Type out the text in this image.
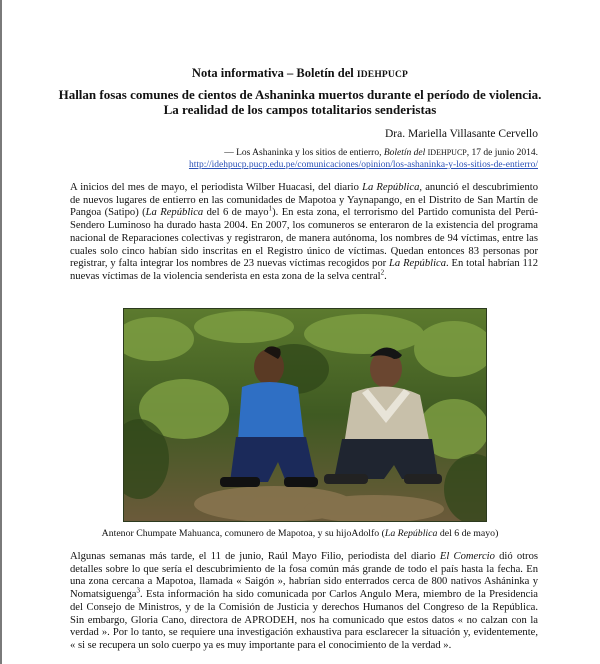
Nota informativa – Boletín del IDEHPUCP
Hallan fosas comunes de cientos de Ashaninka muertos durante el período de violencia.
La realidad de los campos totalitarios senderistas
Dra. Mariella Villasante Cervello
— Los Ashaninka y los sitios de entierro, Boletín del IDEHPUCP, 17 de junio 2014.
http://idehpucp.pucp.edu.pe/comunicaciones/opinion/los-ashaninka-y-los-sitios-de-entierro/
A inicios del mes de mayo, el periodista Wilber Huacasi, del diario La República, anunció el descubrimiento de nuevos lugares de entierro en las comunidades de Mapotoa y Yaynapango, en el Distrito de San Martín de Pangoa (Satipo) (La República del 6 de mayo$^1$). En esta zona, el terrorismo del Partido comunista del Perú-Sendero Luminoso ha durado hasta 2004. En 2007, los comuneros se enteraron de la existencia del programa nacional de Reparaciones colectivas y registraron, de manera autónoma, los nombres de 94 víctimas, entre las cuales solo cinco habían sido inscritas en el Registro único de víctimas. Quedan entonces 83 personas por registrar, y falta integrar los nombres de 23 nuevas víctimas recogidos por La República. En total habrían 112 nuevas víctimas de la violencia senderista en esta zona de la selva central$^2$.
Antenor Chumpate Mahuanca, comunero de Mapotoa, y su hijoAdolfo (La República del 6 de mayo)
Algunas semanas más tarde, el 11 de junio, Raúl Mayo Filio, periodista del diario El Comercio dió otros detalles sobre lo que sería el descubrimiento de la fosa común más grande de todo el país hasta la fecha. En una zona cercana a Mapotoa, llamada « Saigón », habrían sido enterrados cerca de 800 nativos Asháninka y Nomatsiguenga$^3$. Esta información ha sido comunicada por Carlos Angulo Mera, miembro de la Presidencia del Consejo de Ministros, y de la Comisión de Justicia y derechos Humanos del Congreso de la República. Sin embargo, Gloria Cano, directora de APRODEH, nos ha comunicado que estos datos « no calzan con la verdad ». Por lo tanto, se requiere una investigación exhaustiva para esclarecer la situación y, evidentemente, « si se recupera un solo cuerpo ya es muy importante para el conocimiento de la verdad ».
